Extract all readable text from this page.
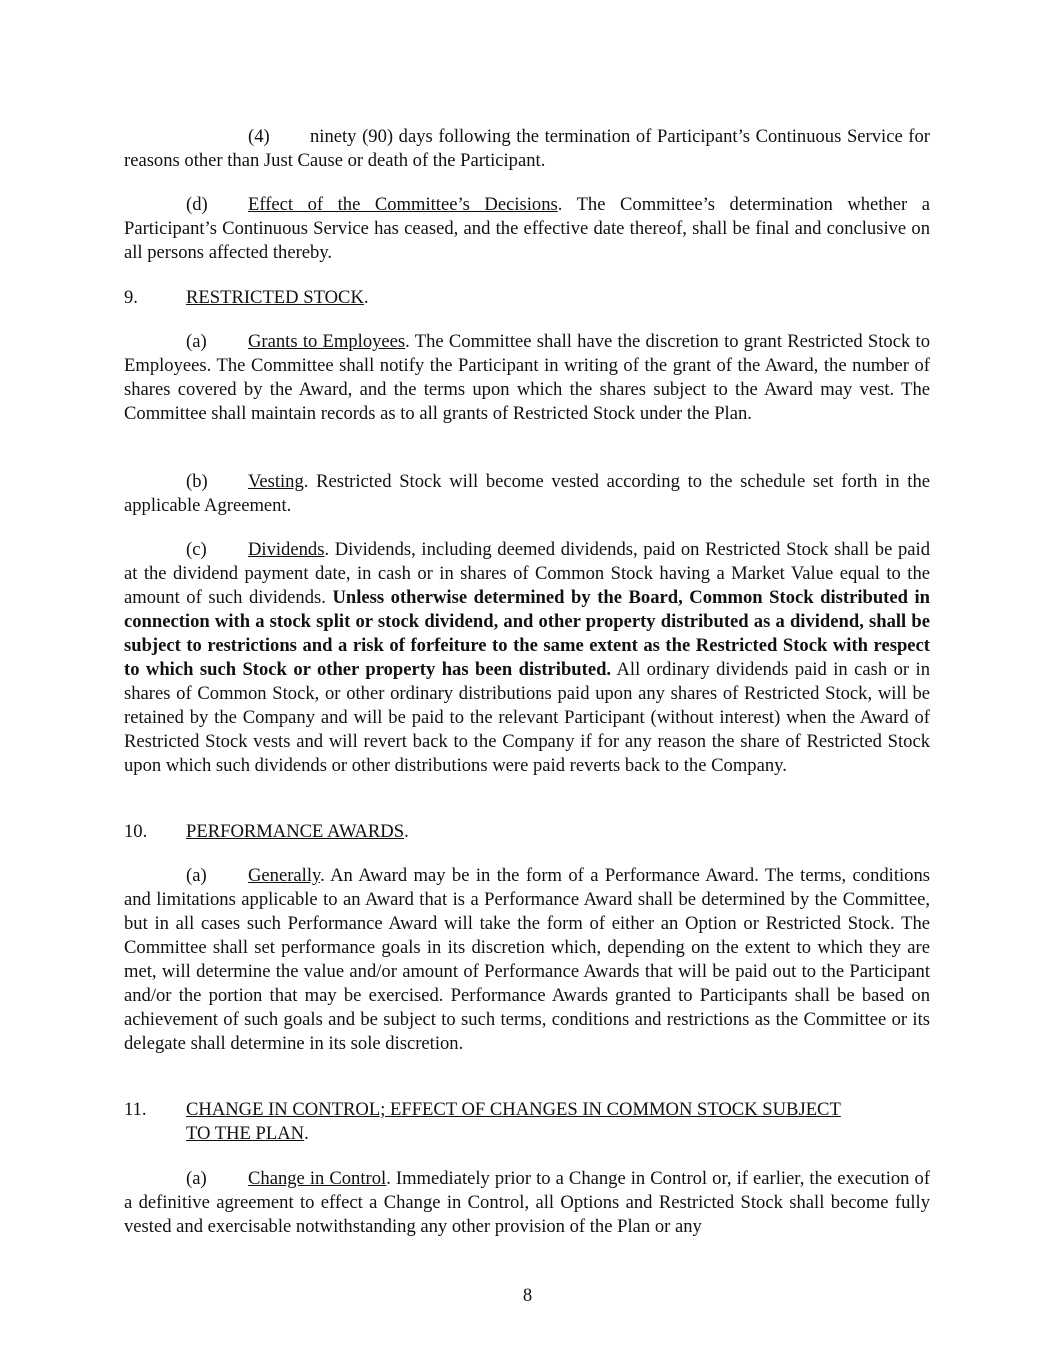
(4) ninety (90) days following the termination of Participant’s Continuous Service for reasons other than Just Cause or death of the Participant.

(d) Effect of the Committee’s Decisions. The Committee’s determination whether a Participant’s Continuous Service has ceased, and the effective date thereof, shall be final and conclusive on all persons affected thereby.

9.	RESTRICTED STOCK.

(a) Grants to Employees. The Committee shall have the discretion to grant Restricted Stock to Employees. The Committee shall notify the Participant in writing of the grant of the Award, the number of shares covered by the Award, and the terms upon which the shares subject to the Award may vest. The Committee shall maintain records as to all grants of Restricted Stock under the Plan.

(b) Vesting. Restricted Stock will become vested according to the schedule set forth in the applicable Agreement.

(c) Dividends. Dividends, including deemed dividends, paid on Restricted Stock shall be paid at the dividend payment date, in cash or in shares of Common Stock having a Market Value equal to the amount of such dividends. Unless otherwise determined by the Board, Common Stock distributed in connection with a stock split or stock dividend, and other property distributed as a dividend, shall be subject to restrictions and a risk of forfeiture to the same extent as the Restricted Stock with respect to which such Stock or other property has been distributed. All ordinary dividends paid in cash or in shares of Common Stock, or other ordinary distributions paid upon any shares of Restricted Stock, will be retained by the Company and will be paid to the relevant Participant (without interest) when the Award of Restricted Stock vests and will revert back to the Company if for any reason the share of Restricted Stock upon which such dividends or other distributions were paid reverts back to the Company.

10. PERFORMANCE AWARDS.

(a) Generally. An Award may be in the form of a Performance Award. The terms, conditions and limitations applicable to an Award that is a Performance Award shall be determined by the Committee, but in all cases such Performance Award will take the form of either an Option or Restricted Stock. The Committee shall set performance goals in its discretion which, depending on the extent to which they are met, will determine the value and/or amount of Performance Awards that will be paid out to the Participant and/or the portion that may be exercised. Performance Awards granted to Participants shall be based on achievement of such goals and be subject to such terms, conditions and restrictions as the Committee or its delegate shall determine in its sole discretion.

11. CHANGE IN CONTROL; EFFECT OF CHANGES IN COMMON STOCK SUBJECT
TO THE PLAN.

(a) Change in Control. Immediately prior to a Change in Control or, if earlier, the execution of a definitive agreement to effect a Change in Control, all Options and Restricted Stock shall become fully vested and exercisable notwithstanding any other provision of the Plan or any

8
